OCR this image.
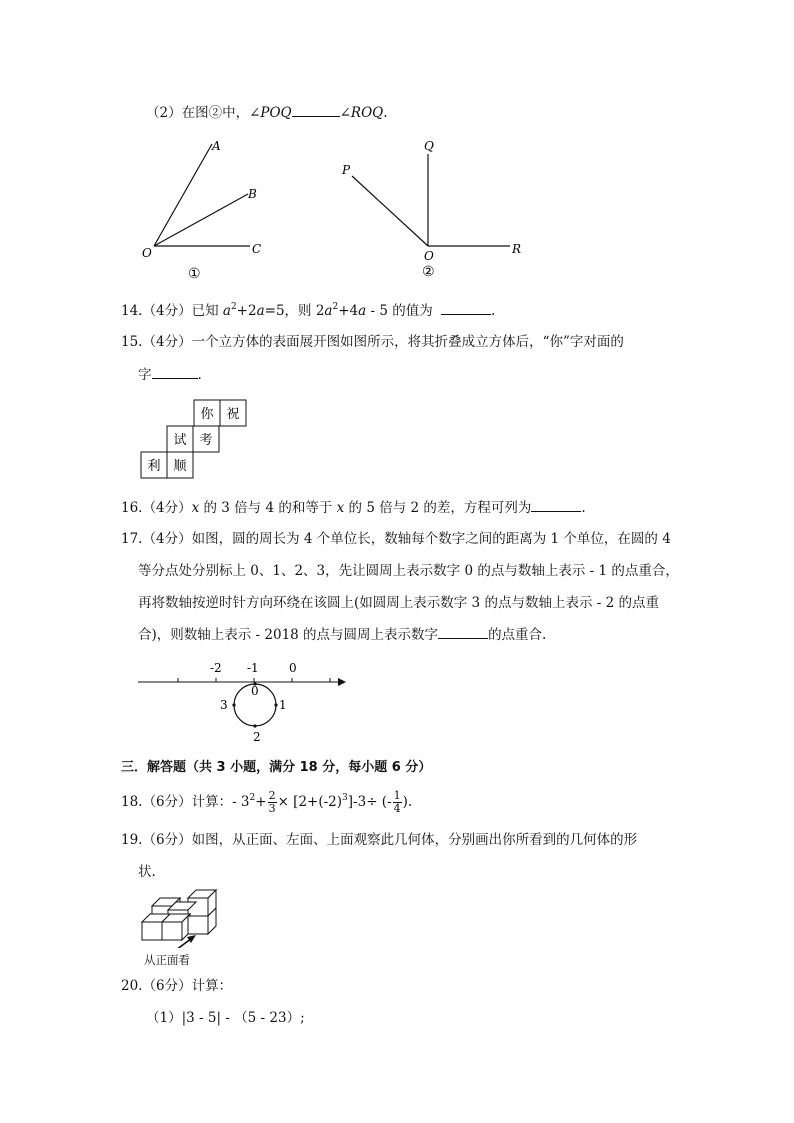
（2）在图②中，∠POQ	∠ROQ.
A
B
O	C
①
Q
P
O	R
②
14.（4分）已知 $a^2+2a=5$，则 $2a^2+4a - 5$ 的值为	.
15.（4分）一个立方体的表面展开图如图所示，将其折叠成立方体后，“你”字对面的
字	.
你 祝
试 考
利 顺
16.（4分）x 的 3 倍与 4 的和等于 x 的 5 倍与 2 的差，方程可列为	.
17.（4分）如图，圆的周长为 4 个单位长，数轴每个数字之间的距离为 1 个单位，在圆的 4
等分点处分别标上 0、1、2、3，先让圆周上表示数字 0 的点与数轴上表示 - 1 的点重合，
再将数轴按逆时针方向环绕在该圆上(如圆周上表示数字 3 的点与数轴上表示 - 2 的点重
合)，则数轴上表示 - 2018 的点与圆周上表示数字	的点重合.
-2 -1	0
0
1
2
3
三．解答题（共 3 小题，满分 18 分，每小题 6 分）
18.（6分）计算：- $3^2+ \frac{2}{3} \times [2+(-2)^3]-3\div$ (- $\frac{1}{4}$ ).
19.（6分）如图，从正面、左面、上面观察此几何体，分别画出你所看到的几何体的形
状.
从正面看
20.（6分）计算：
（1）|3 - 5| - （5 - 23）;
